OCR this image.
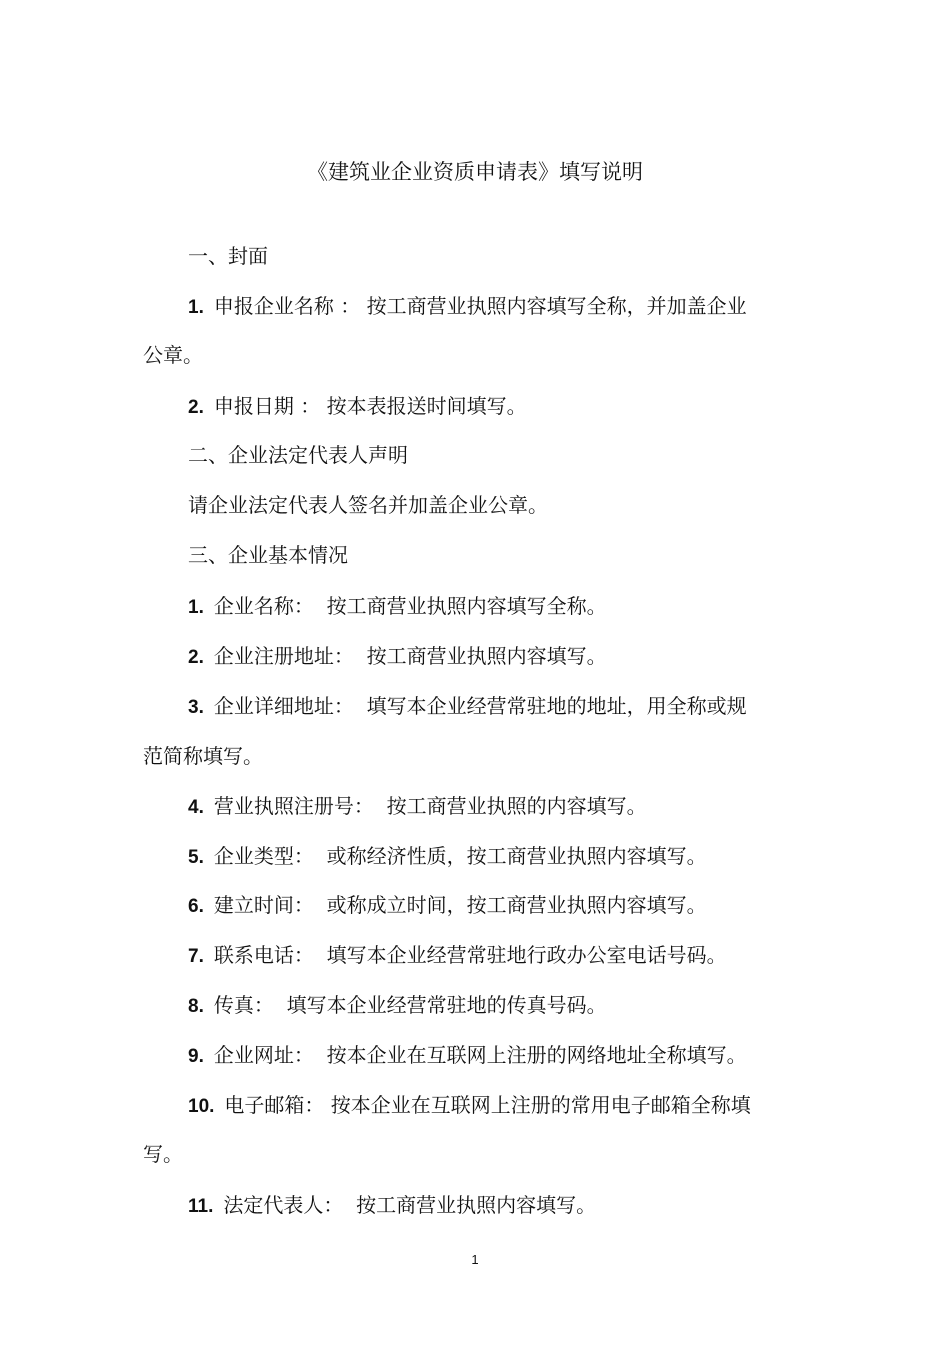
《建筑业企业资质申请表》填写说明
一、封面
1. 申报企业名称 ： 按工商营业执照内容填写全称，并加盖企业
公章。
2. 申报日期 ： 按本表报送时间填写。
二、企业法定代表人声明
请企业法定代表人签名并加盖企业公章。
三、企业基本情况
1. 企业名称： 按工商营业执照内容填写全称。
2. 企业注册地址： 按工商营业执照内容填写。
3. 企业详细地址： 填写本企业经营常驻地的地址，用全称或规
范简称填写。
4. 营业执照注册号： 按工商营业执照的内容填写。
5. 企业类型： 或称经济性质，按工商营业执照内容填写。
6. 建立时间： 或称成立时间，按工商营业执照内容填写。
7. 联系电话： 填写本企业经营常驻地行政办公室电话号码。
8. 传真： 填写本企业经营常驻地的传真号码。
9. 企业网址： 按本企业在互联网上注册的网络地址全称填写。
10. 电子邮箱： 按本企业在互联网上注册的常用电子邮箱全称填
写。
11. 法定代表人： 按工商营业执照内容填写。
1
